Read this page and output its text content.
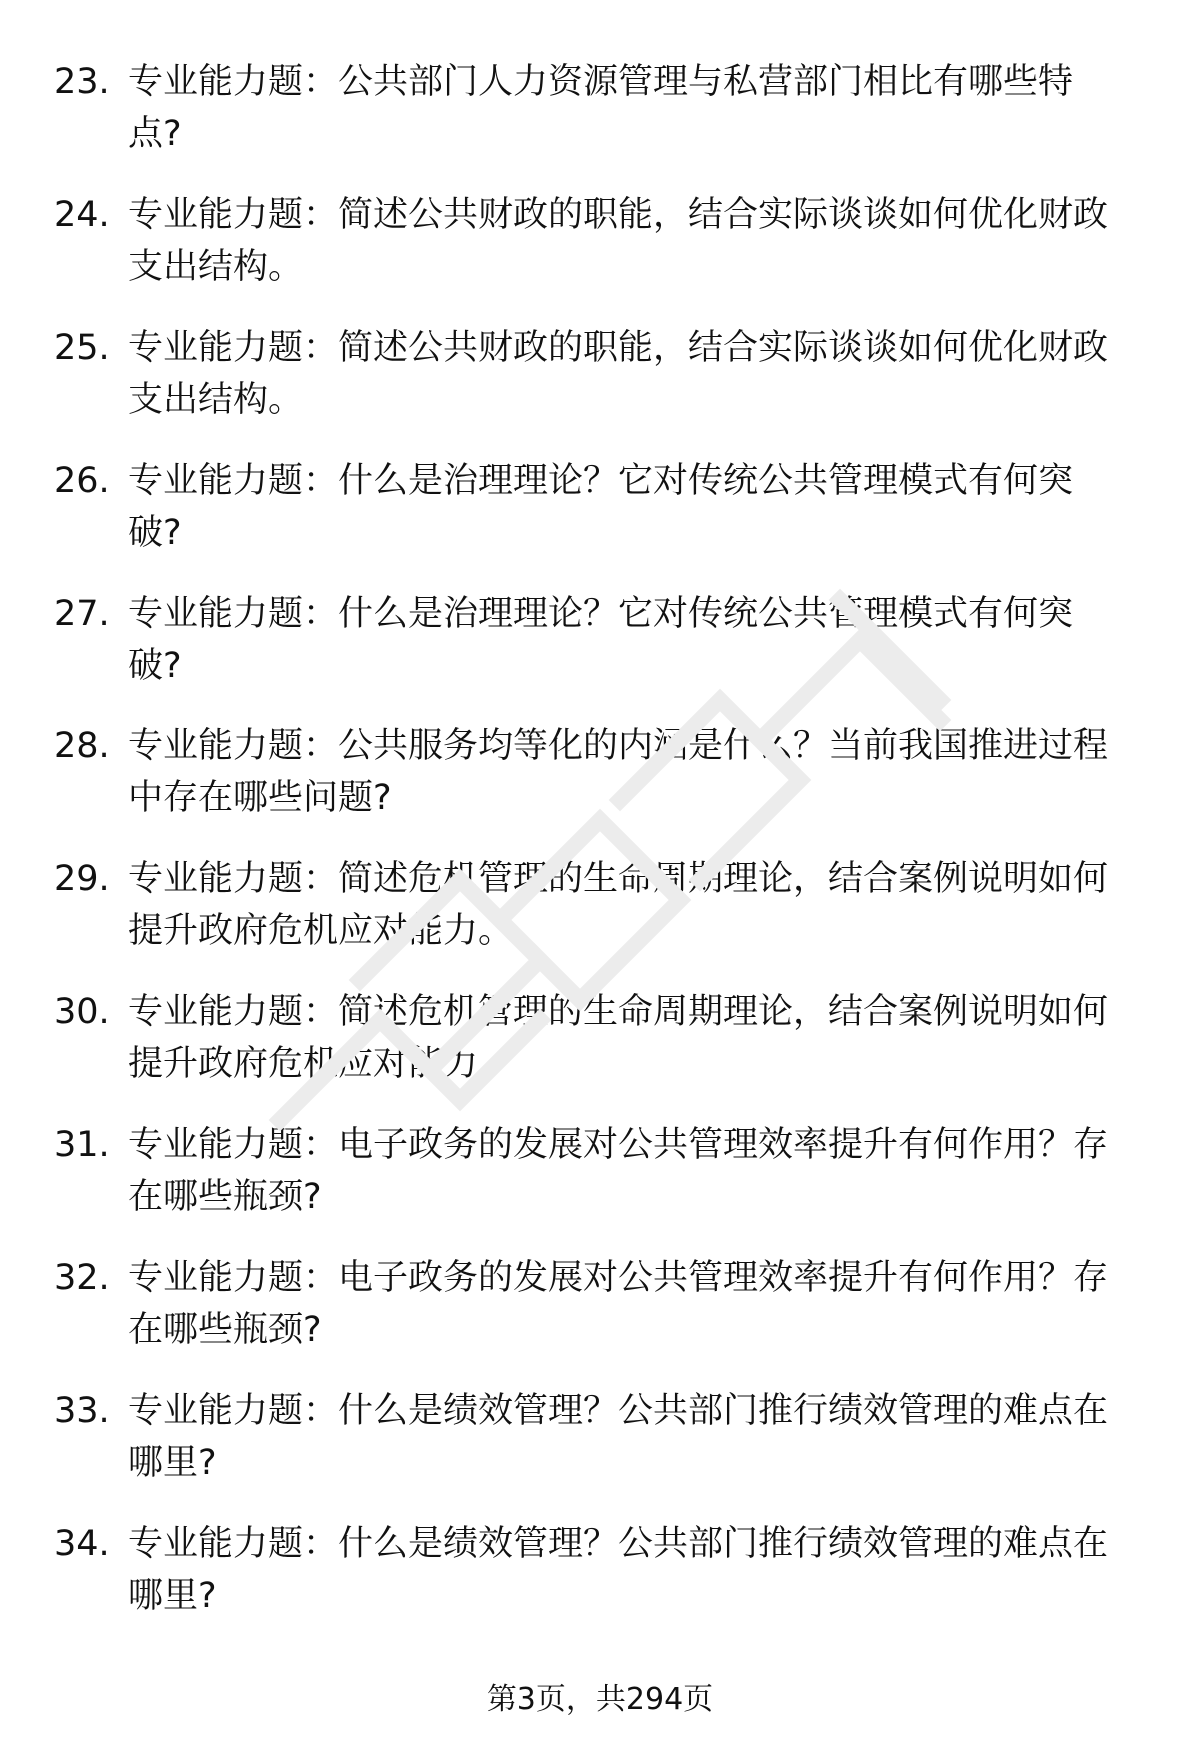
23. 专业能力题：公共部门人力资源管理与私营部门相比有哪些特
点?
24. 专业能力题：简述公共财政的职能，结合实际谈谈如何优化财政
支出结构。
25. 专业能力题：简述公共财政的职能，结合实际谈谈如何优化财政
支出结构。
26. 专业能力题：什么是治理理论？它对传统公共管理模式有何突
破?
27. 专业能力题：什么是治理理论？它对传统公共管理模式有何突
破?
28. 专业能力题：公共服务均等化的内涵是什么？当前我国推进过程
中存在哪些问题?
29. 专业能力题：简述危机管理的生命周期理论，结合案例说明如何
提升政府危机应对能力。
30. 专业能力题：简述危机管理的生命周期理论，结合案例说明如何
提升政府危机应对能力。
31. 专业能力题：电子政务的发展对公共管理效率提升有何作用？存
在哪些瓶颈?
32. 专业能力题：电子政务的发展对公共管理效率提升有何作用？存
在哪些瓶颈?
33. 专业能力题：什么是绩效管理？公共部门推行绩效管理的难点在
哪里?
34. 专业能力题：什么是绩效管理？公共部门推行绩效管理的难点在
哪里?
第3页，共294页
